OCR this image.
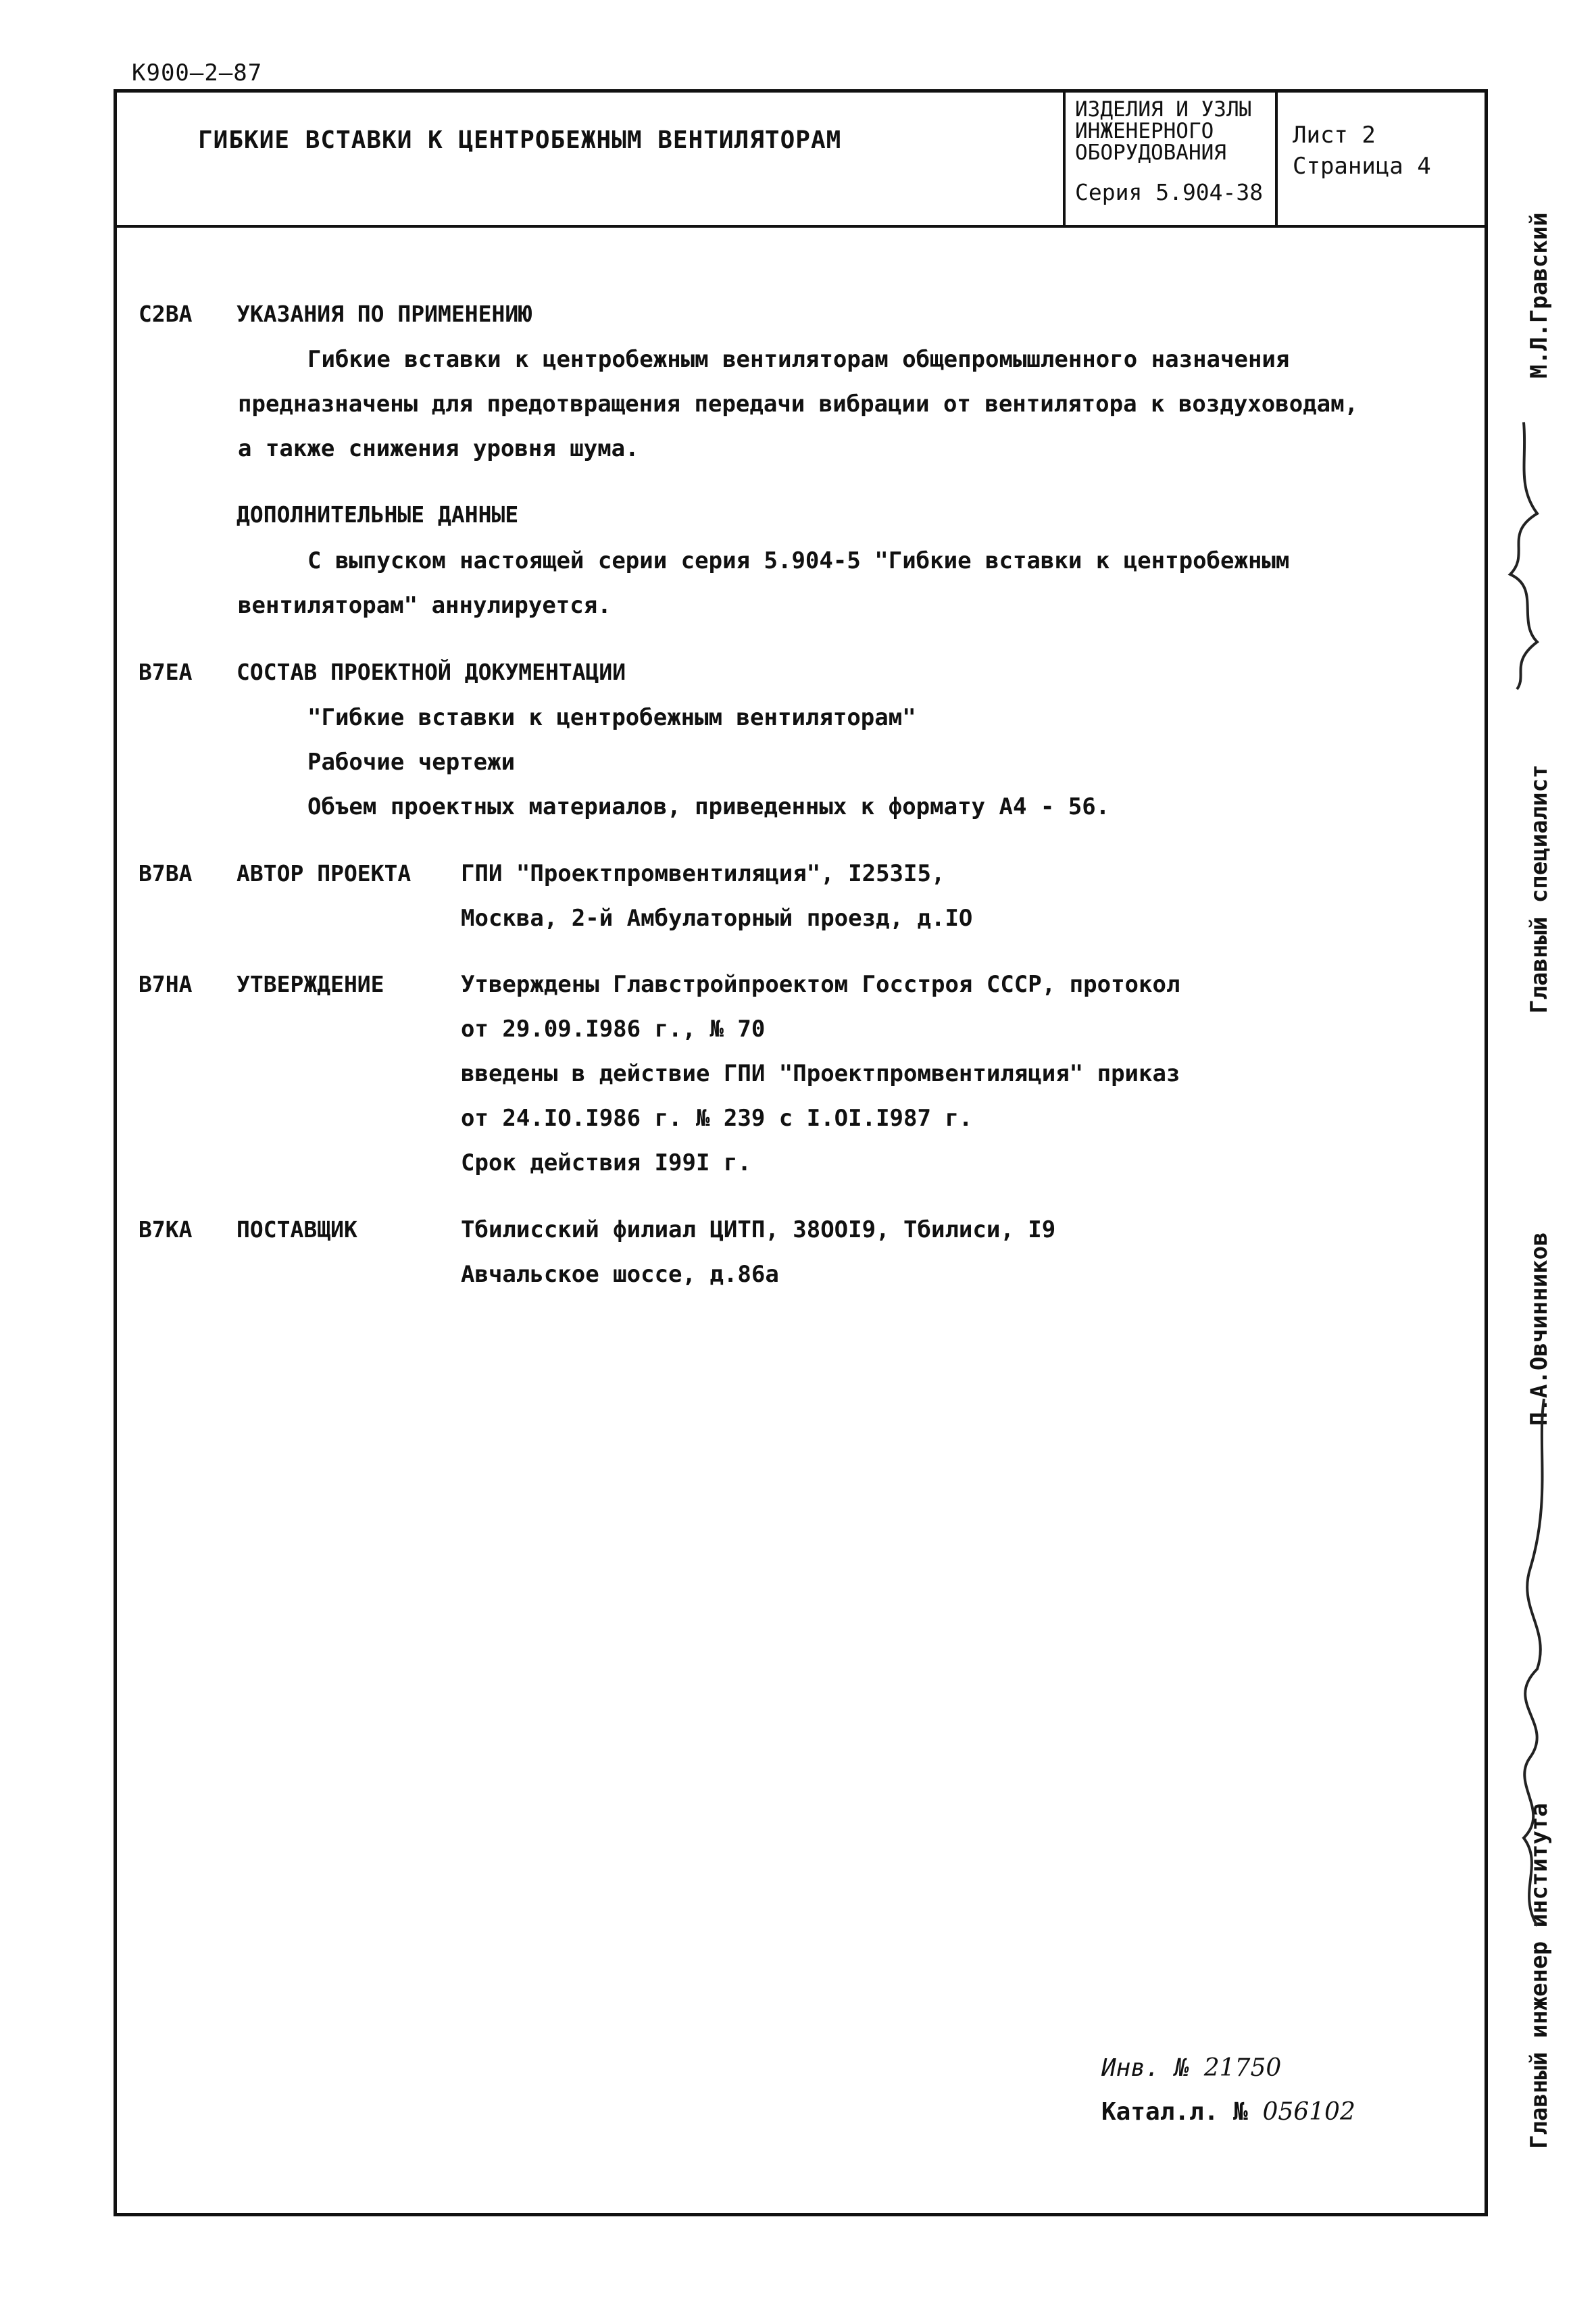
К900—2—87
ГИБКИЕ ВСТАВКИ К ЦЕНТРОБЕЖНЫМ ВЕНТИЛЯТОРАМ
ИЗДЕЛИЯ И УЗЛЫ
ИНЖЕНЕРНОГО
ОБОРУДОВАНИЯ
Серия 5.904-38
Лист 2
Страница 4
С2ВА УКАЗАНИЯ ПО ПРИМЕНЕНИЮ
Гибкие вставки к центробежным вентиляторам общепромышленного назначения
предназначены для предотвращения передачи вибрации от вентилятора к воздуховодам,
а также снижения уровня шума.
ДОПОЛНИТЕЛЬНЫЕ ДАННЫЕ
С выпуском настоящей серии серия 5.904-5 "Гибкие вставки к центробежным
вентиляторам" аннулируется.
В7ЕА СОСТАВ ПРОЕКТНОЙ ДОКУМЕНТАЦИИ
"Гибкие вставки к центробежным вентиляторам"
Рабочие чертежи
Объем проектных материалов, приведенных к формату А4 - 56.
В7ВА АВТОР ПРОЕКТА ГПИ "Проектпромвентиляция", I253I5,
Москва, 2-й Амбулаторный проезд, д.IO
В7НА УТВЕРЖДЕНИЕ	Утверждены Главстройпроектом Госстроя СССР, протокол
от 29.09.I986 г., № 70
введены в действие ГПИ "Проектпромвентиляция" приказ
от 24.IO.I986 г. № 239 с I.OI.I987 г.
Срок действия I99I г.
В7КА ПОСТАВЩИК	Тбилисский филиал ЦИТП, 38OOI9, Тбилиси, I9
Авчальское шоссе, д.86а
Инв. № 21750
Катал.л. № 056102
М.Л.Гравский
Главный специалист
П.А.Овчинников
Главный инженер института
